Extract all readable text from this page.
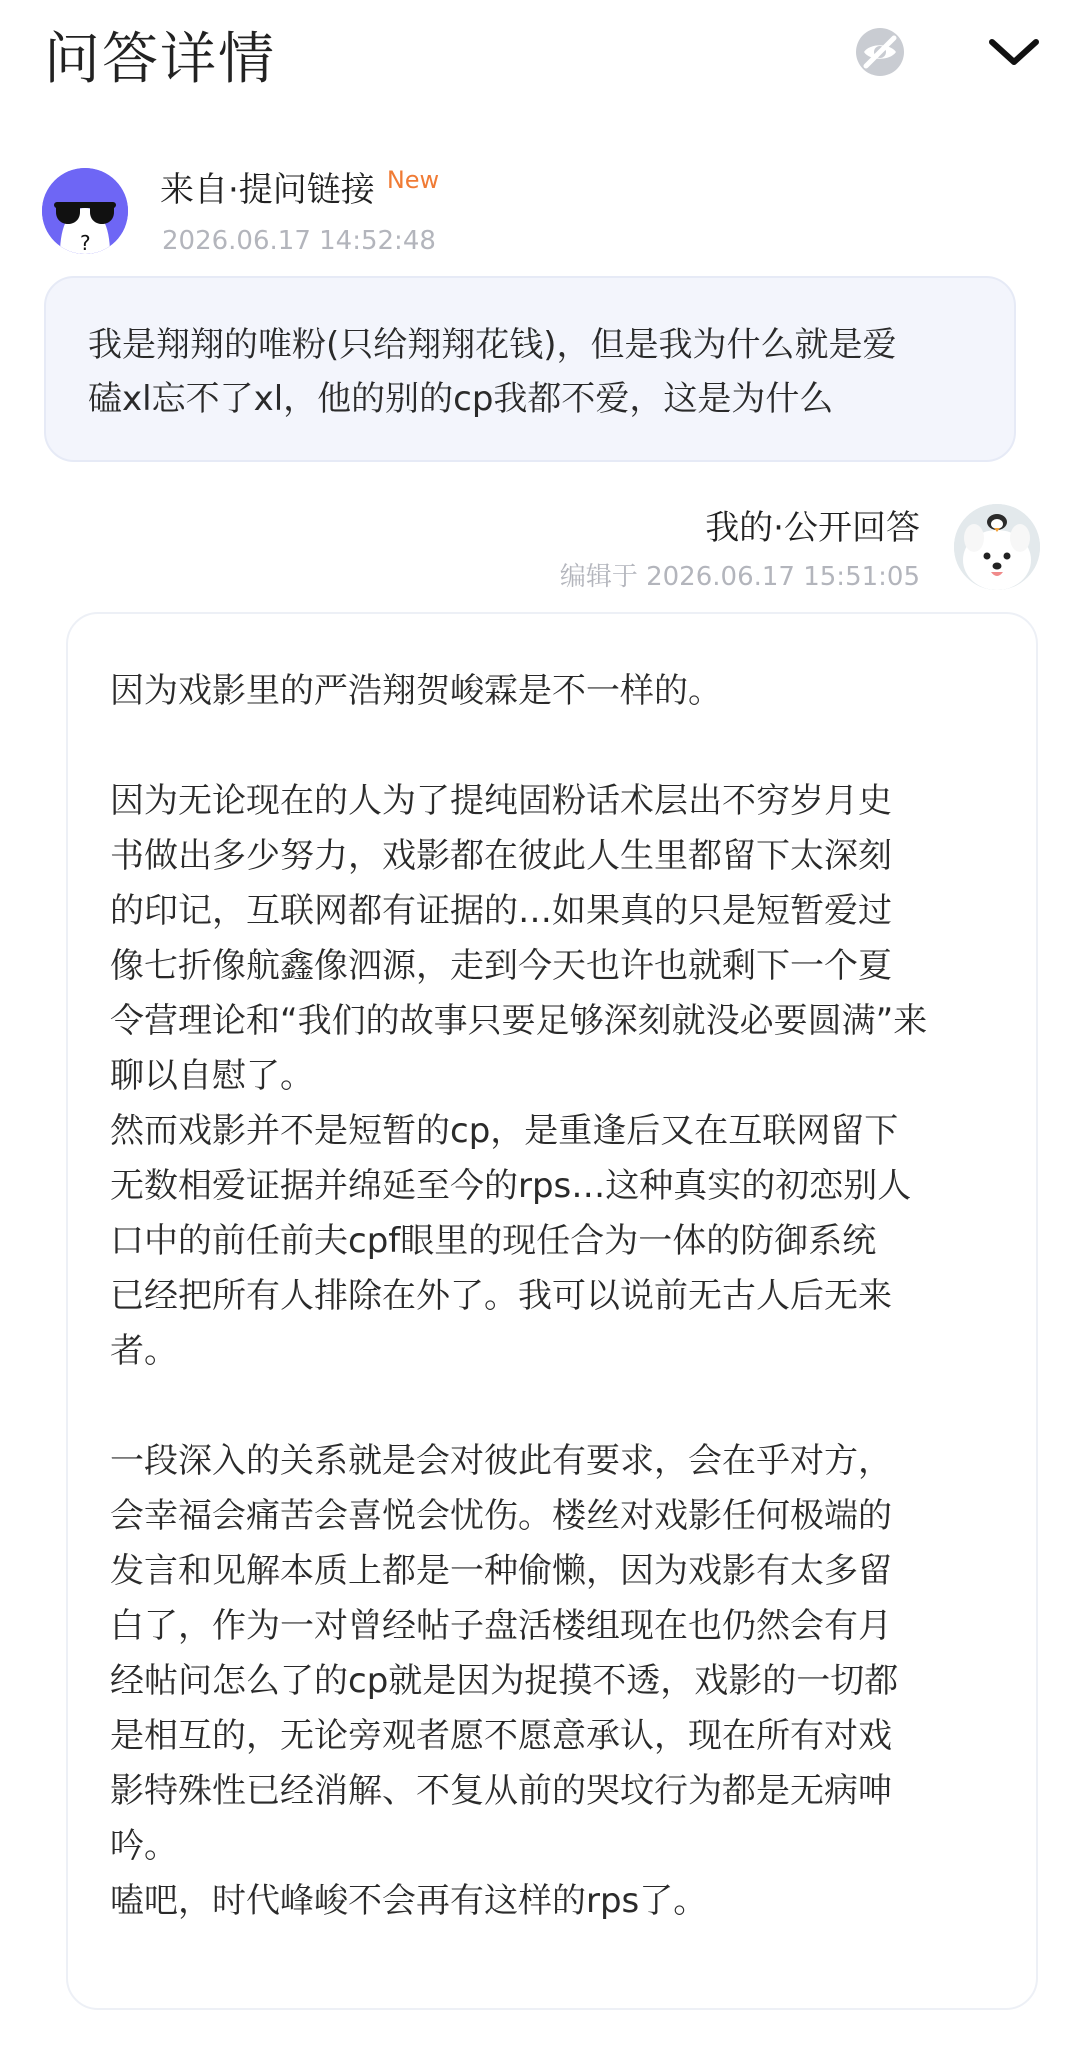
问答详情
?
来自·提问链接 New
2026.06.17 14:52:48

我是翔翔的唯粉(只给翔翔花钱)，但是我为什么就是爱
磕xl忘不了xl，他的别的cp我都不爱，这是为什么

我的·公开回答
编辑于 2026.06.17 15:51:05

因为戏影里的严浩翔贺峻霖是不一样的。

因为无论现在的人为了提纯固粉话术层出不穷岁月史
书做出多少努力，戏影都在彼此人生里都留下太深刻
的印记，互联网都有证据的…如果真的只是短暂爱过
像七折像航鑫像泗源，走到今天也许也就剩下一个夏
令营理论和“我们的故事只要足够深刻就没必要圆满”来
聊以自慰了。
然而戏影并不是短暂的cp，是重逢后又在互联网留下
无数相爱证据并绵延至今的rps…这种真实的初恋别人
口中的前任前夫cpf眼里的现任合为一体的防御系统
已经把所有人排除在外了。我可以说前无古人后无来
者。

一段深入的关系就是会对彼此有要求，会在乎对方，
会幸福会痛苦会喜悦会忧伤。楼丝对戏影任何极端的
发言和见解本质上都是一种偷懒，因为戏影有太多留
白了，作为一对曾经帖子盘活楼组现在也仍然会有月
经帖问怎么了的cp就是因为捉摸不透，戏影的一切都
是相互的，无论旁观者愿不愿意承认，现在所有对戏
影特殊性已经消解、不复从前的哭坟行为都是无病呻
吟。
嗑吧，时代峰峻不会再有这样的rps了。
